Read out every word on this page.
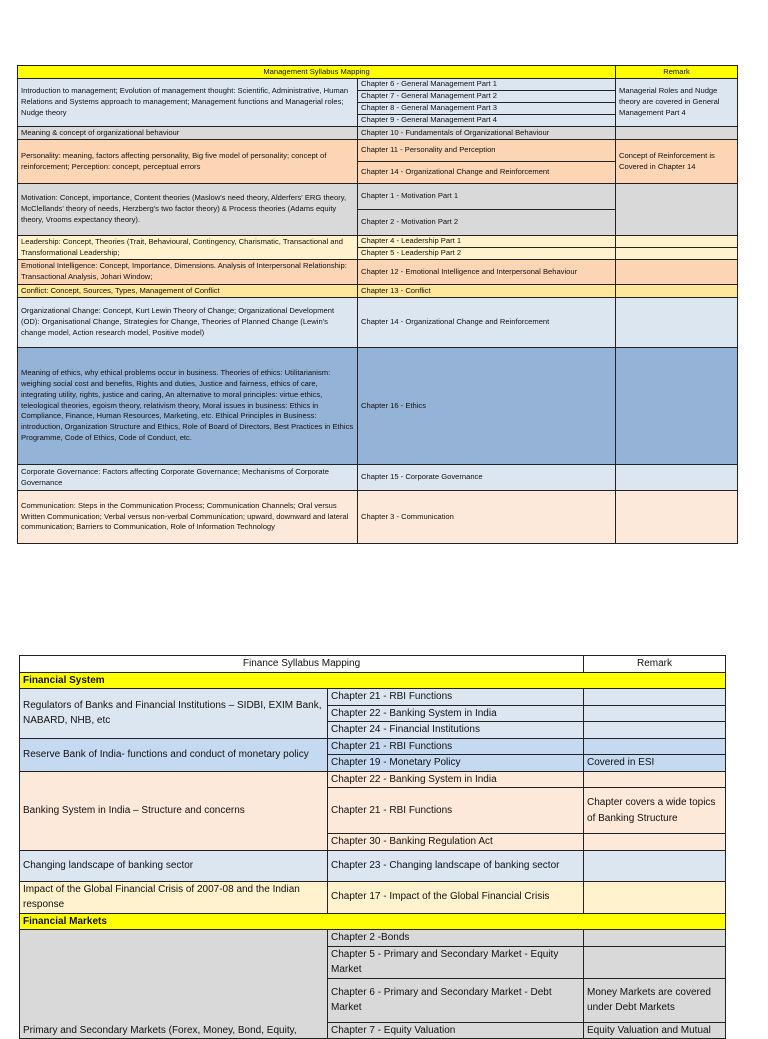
Management Syllabus Mapping		Remark
Introduction to management; Evolution of management thought: Scientific, Administrative, Human Relations and Systems approach to management; Management functions and Managerial roles; Nudge theory	Chapter 6 - General Management Part 1	Managerial Roles and Nudge theory are covered in General Management Part 4
	Chapter 7 - General Management Part 2	
	Chapter 8 - General Management Part 3	
	Chapter 9 - General Management Part 4	
Meaning & concept of organizational behaviour	Chapter 10 - Fundamentals of Organizational Behaviour	
Personality: meaning, factors affecting personality, Big five model of personality; concept of reinforcement; Perception: concept, perceptual errors	Chapter 11 - Personality and Perception	Concept of Reinforcement is Covered in Chapter 14
	Chapter 14 - Organizational Change and Reinforcement	
Motivation: Concept, importance, Content theories (Maslow's need theory, Alderfers' ERG theory, McClellands' theory of needs, Herzberg's two factor theory) & Process theories (Adams equity theory, Vrooms expectancy theory).	Chapter 1 - Motivation Part 1	
	Chapter 2 - Motivation Part 2	
Leadership: Concept, Theories (Trait, Behavioural, Contingency, Charismatic, Transactional and Transformational Leadership;	Chapter 4 - Leadership Part 1	
	Chapter 5 - Leadership Part 2	
Emotional Intelligence: Concept, Importance, Dimensions. Analysis of Interpersonal Relationship: Transactional Analysis, Johari Window;	Chapter 12 - Emotional Intelligence and Interpersonal Behaviour	
Conflict: Concept, Sources, Types, Management of Conflict	Chapter 13 - Conflict	
Organizational Change: Concept, Kurt Lewin Theory of Change; Organizational Development (OD): Organisational Change, Strategies for Change, Theories of Planned Change (Lewin's change model, Action research model, Positive model)	Chapter 14 - Organizational Change and Reinforcement	
Meaning of ethics, why ethical problems occur in business. Theories of ethics: Utilitarianism: weighing social cost and benefits, Rights and duties, Justice and fairness, ethics of care, integrating utility, rights, justice and caring, An alternative to moral principles: virtue ethics, teleological theories, egoism theory, relativism theory, Moral issues in business: Ethics in Compliance, Finance, Human Resources, Marketing, etc. Ethical Principles in Business: introduction, Organization Structure and Ethics, Role of Board of Directors, Best Practices in Ethics Programme, Code of Ethics, Code of Conduct, etc.	Chapter 16 - Ethics	
Corporate Governance: Factors affecting Corporate Governance; Mechanisms of Corporate Governance	Chapter 15 - Corporate Governance	
Communication: Steps in the Communication Process; Communication Channels; Oral versus Written Communication; Verbal versus non-verbal Communication; upward, downward and lateral communication; Barriers to Communication, Role of Information Technology	Chapter 3 - Communication	
Finance Syllabus Mapping		Remark
Financial System		
Regulators of Banks and Financial Institutions – SIDBI, EXIM Bank, NABARD, NHB, etc	Chapter 21 - RBI Functions	
	Chapter 22 - Banking System in India	
	Chapter 24 - Financial Institutions	
Reserve Bank of India- functions and conduct of monetary policy	Chapter 21 - RBI Functions	
	Chapter 19 - Monetary Policy	Covered in ESI
Banking System in India – Structure and concerns	Chapter 22 - Banking System in India	
	Chapter 21 - RBI Functions	Chapter covers a wide topics of Banking Structure
	Chapter 30 - Banking Regulation Act	
Changing landscape of banking sector	Chapter 23 - Changing landscape of banking sector	
Impact of the Global Financial Crisis of 2007-08 and the Indian response	Chapter 17 - Impact of the Global Financial Crisis	
Financial Markets		
Primary and Secondary Markets (Forex, Money, Bond, Equity,	Chapter 2 -Bonds	
	Chapter 5 - Primary and Secondary Market - Equity Market	
	Chapter 6 - Primary and Secondary Market - Debt Market	Money Markets are covered under Debt Markets
	Chapter 7 - Equity Valuation	Equity Valuation and Mutual
